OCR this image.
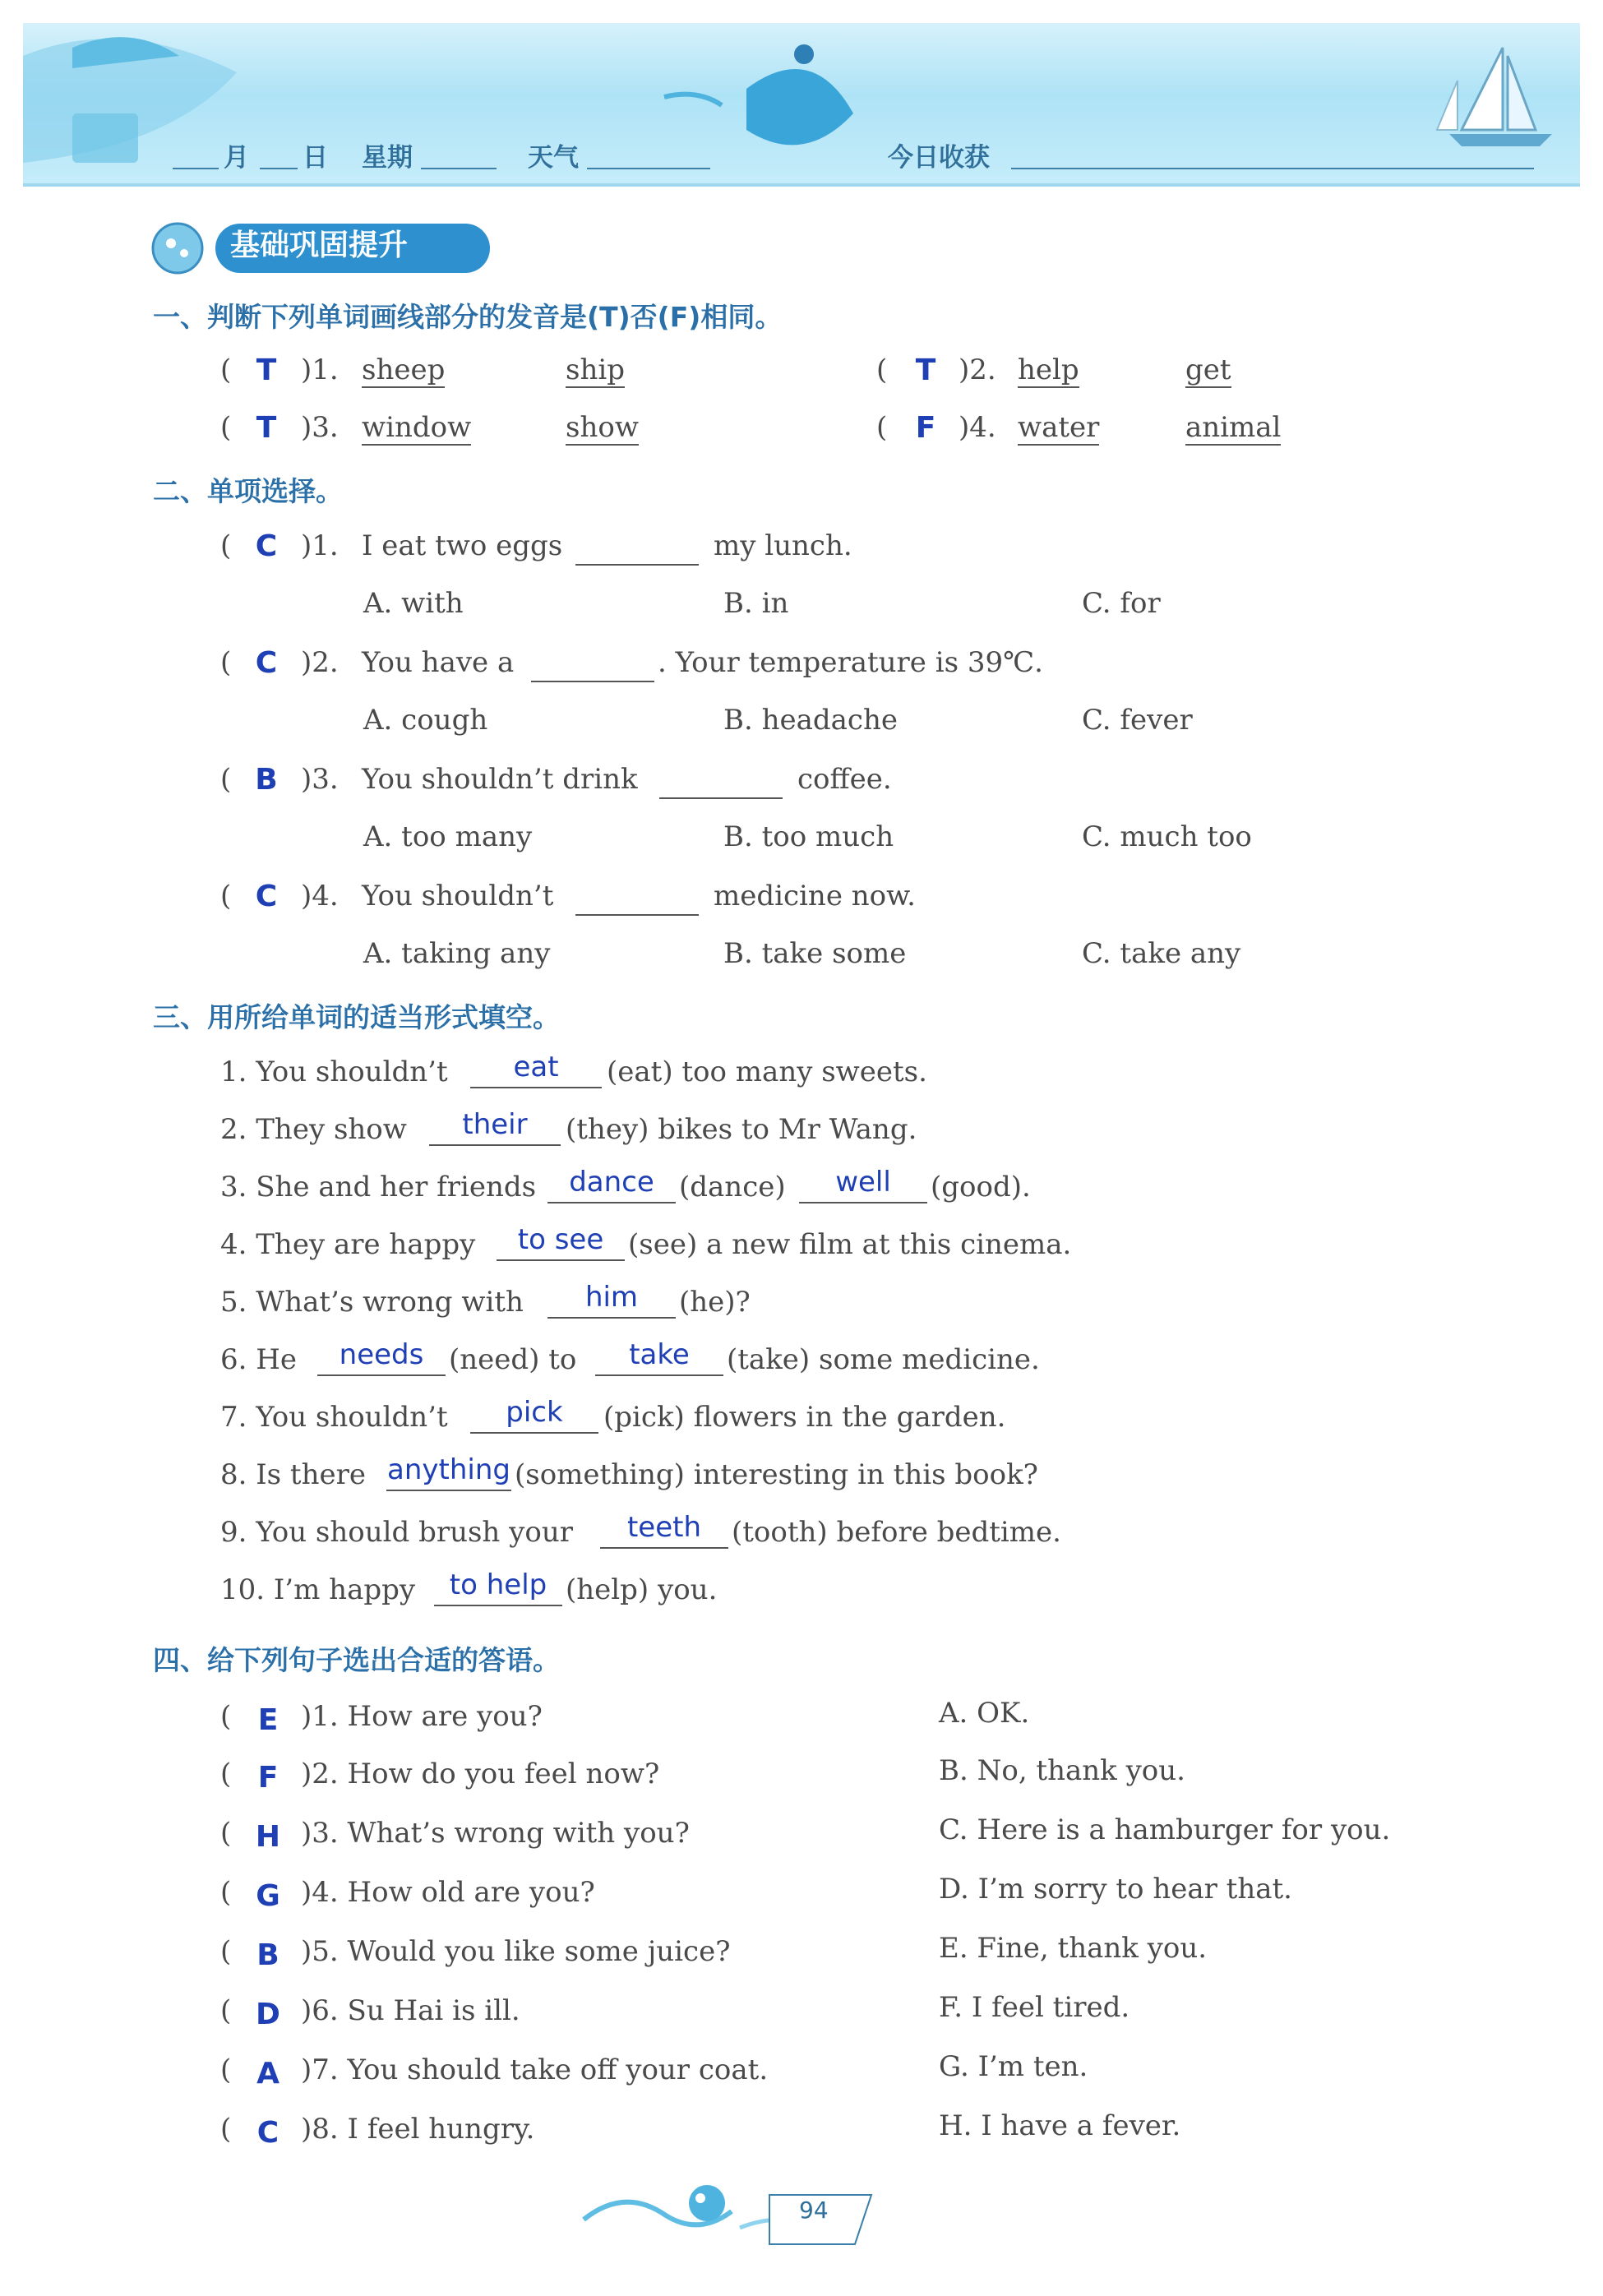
月 日 星期	天气	今日收获
基础巩固提升
一、判断下列单词画线部分的发音是(T)否(F)相同。
( T )1. sheep	ship	( T )2. help	get
( T )3. window	show	( F )4. water	animal
二、单项选择。
( C )1. I eat two eggs	my lunch.
A. with	B. in	C. for
( C )2. You have a	. Your temperature is 39℃.
A. cough	B. headache	C. fever
( B )3. You shouldn’t drink	coffee.
A. too many	B. too much	C. much too
( C )4. You shouldn’t	medicine now.
A. taking any	B. take some	C. take any
三、用所给单词的适当形式填空。
1. You shouldn’t	eat	(eat) too many sweets.
2. They show	their	(they) bikes to Mr Wang.
3. She and her friends	dance (dance)	well	(good).
4. They are happy	to see (see) a new film at this cinema.
5. What’s wrong with	him	(he)?
6. He	needs (need) to	take	(take) some medicine.
7. You shouldn’t	pick	(pick) flowers in the garden.
8. Is there anything (something) interesting in this book?
9. You should brush your	teeth	(tooth) before bedtime.
10. I’m happy	to help (help) you.
四、给下列句子选出合适的答语。
( E )1. How are you?	A. OK.
( F )2. How do you feel now?	B. No, thank you.
( H )3. What’s wrong with you?	C. Here is a hamburger for you.
( G )4. How old are you?	D. I’m sorry to hear that.
( B )5. Would you like some juice?	E. Fine, thank you.
( D )6. Su Hai is ill.	F. I feel tired.
( A )7. You should take off your coat.	G. I’m ten.
( C )8. I feel hungry.	H. I have a fever.
94
